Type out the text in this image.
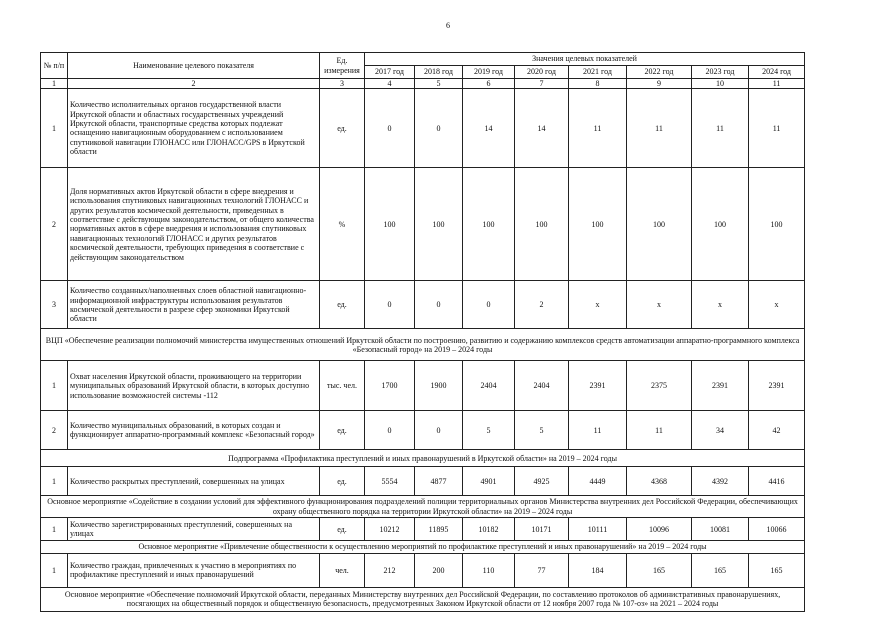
6
№ п/п	Наименование целевого показателя	Ед. измерения	Значения целевых показателей							
			2017 год	2018 год	2019 год	2020 год	2021 год	2022 год	2023 год	2024 год
1	2	3	4	5	6	7	8	9	10	11
1	Количество исполнительных органов государственной власти Иркутской области и областных государственных учреждений Иркутской области, транспортные средства которых подлежат оснащению навигационным оборудованием с использованием спутниковой навигации ГЛОНАСС или ГЛОНАСС/GPS в Иркутской области	ед.	0	0	14	14	11	11	11	11
2	Доля нормативных актов Иркутской области в сфере внедрения и использования спутниковых навигационных технологий ГЛОНАСС и других результатов космической деятельности, приведенных в соответствие с действующим законодательством, от общего количества нормативных актов в сфере внедрения и использования спутниковых навигационных технологий ГЛОНАСС и других результатов космической деятельности, требующих приведения в соответствие с действующим законодательством	%	100	100	100	100	100	100	100	100
3	Количество созданных/наполненных слоев областной навигационно-информационной инфраструктуры использования результатов космической деятельности в разрезе сфер экономики Иркутской области	ед.	0	0	0	2	х	х	х	х
ВЦП «Обеспечение реализации полномочий министерства имущественных отношений Иркутской области по построению, развитию и содержанию комплексов средств автоматизации аппаратно-программного комплекса «Безопасный город» на 2019 – 2024 годы										
1	Охват населения Иркутской области, проживающего на территории муниципальных образований Иркутской области, в которых доступно использование возможностей системы -112	тыс. чел.	1700	1900	2404	2404	2391	2375	2391	2391
2	Количество муниципальных образований, в которых создан и функционирует аппаратно-программный комплекс «Безопасный город»	ед.	0	0	5	5	11	11	34	42
Подпрограмма «Профилактика преступлений и иных правонарушений в Иркутской области» на 2019 – 2024 годы										
1	Количество раскрытых преступлений, совершенных на улицах	ед.	5554	4877	4901	4925	4449	4368	4392	4416
Основное мероприятие «Содействие в создании условий для эффективного функционирования подразделений полиции территориальных органов Министерства внутренних дел Российской Федерации, обеспечивающих охрану общественного порядка на территории Иркутской области» на 2019 – 2024 годы										
1	Количество зарегистрированных преступлений, совершенных на улицах	ед.	10212	11895	10182	10171	10111	10096	10081	10066
Основное мероприятие «Привлечение общественности к осуществлению мероприятий по профилактике преступлений и иных правонарушений» на 2019 – 2024 годы										
1	Количество граждан, привлеченных к участию в мероприятиях по профилактике преступлений и иных правонарушений	чел.	212	200	110	77	184	165	165	165
Основное мероприятие «Обеспечение полномочий Иркутской области, переданных Министерству внутренних дел Российской Федерации, по составлению протоколов об административных правонарушениях, посягающих на общественный порядок и общественную безопасность, предусмотренных Законом Иркутской области от 12 ноября 2007 года № 107-оз» на 2021 – 2024 годы										
